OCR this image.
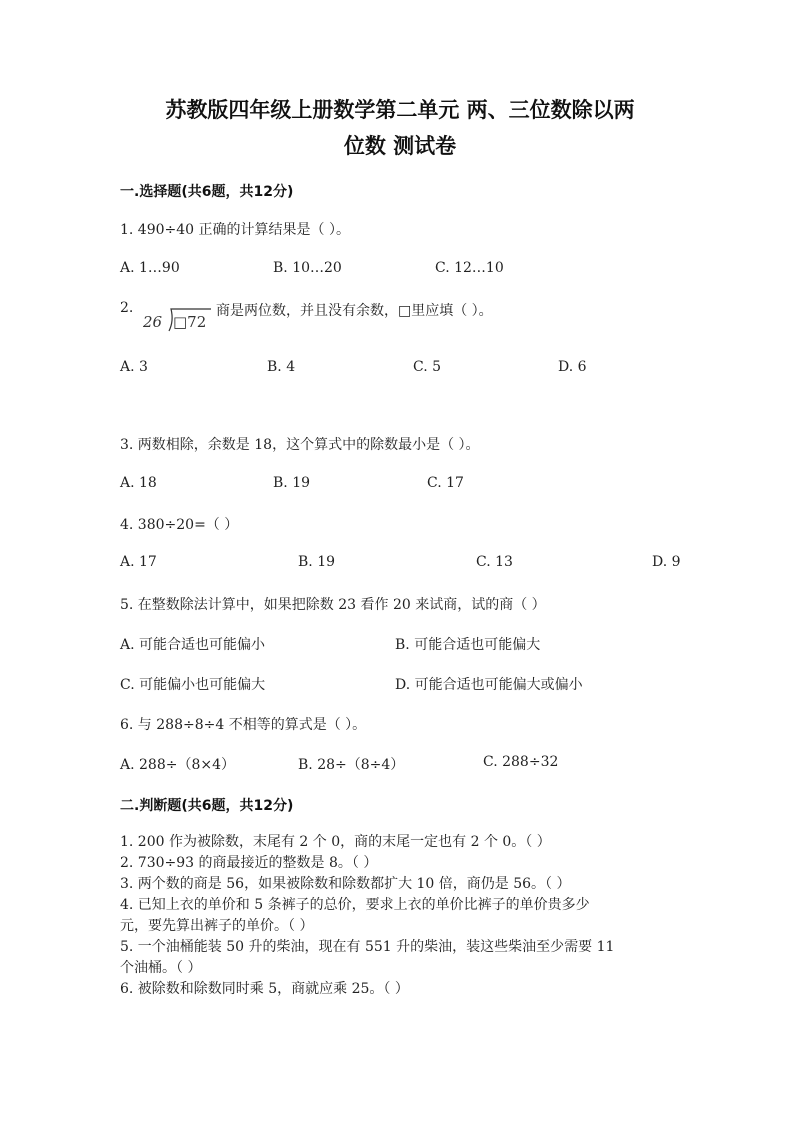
苏教版四年级上册数学第二单元 两、三位数除以两
位数 测试卷
一.选择题(共6题，共12分)
1. 490÷40 正确的计算结果是（ ）。
A. 1…90	B. 10…20	C. 12…10
2.
26 □72
商是两位数，并且没有余数，□里应填（ ）。
A. 3	B. 4	C. 5	D. 6
3. 两数相除，余数是 18，这个算式中的除数最小是（ ）。
A. 18	B. 19	C. 17
4. 380÷20=（ ）
A. 17	B. 19	C. 13	D. 9
5. 在整数除法计算中，如果把除数 23 看作 20 来试商，试的商（ ）
A. 可能合适也可能偏小	B. 可能合适也可能偏大
C. 可能偏小也可能偏大	D. 可能合适也可能偏大或偏小
6. 与 288÷8÷4 不相等的算式是（ ）。
A. 288÷（8×4）	B. 28÷（8÷4）	C. 288÷32
二.判断题(共6题，共12分)
1. 200 作为被除数，末尾有 2 个 0，商的末尾一定也有 2 个 0。（ ）
2. 730÷93 的商最接近的整数是 8。（ ）
3. 两个数的商是 56，如果被除数和除数都扩大 10 倍，商仍是 56。（ ）
4. 已知上衣的单价和 5 条裤子的总价，要求上衣的单价比裤子的单价贵多少
元，要先算出裤子的单价。（ ）
5. 一个油桶能装 50 升的柴油，现在有 551 升的柴油，装这些柴油至少需要 11
个油桶。（ ）
6. 被除数和除数同时乘 5，商就应乘 25。（ ）
